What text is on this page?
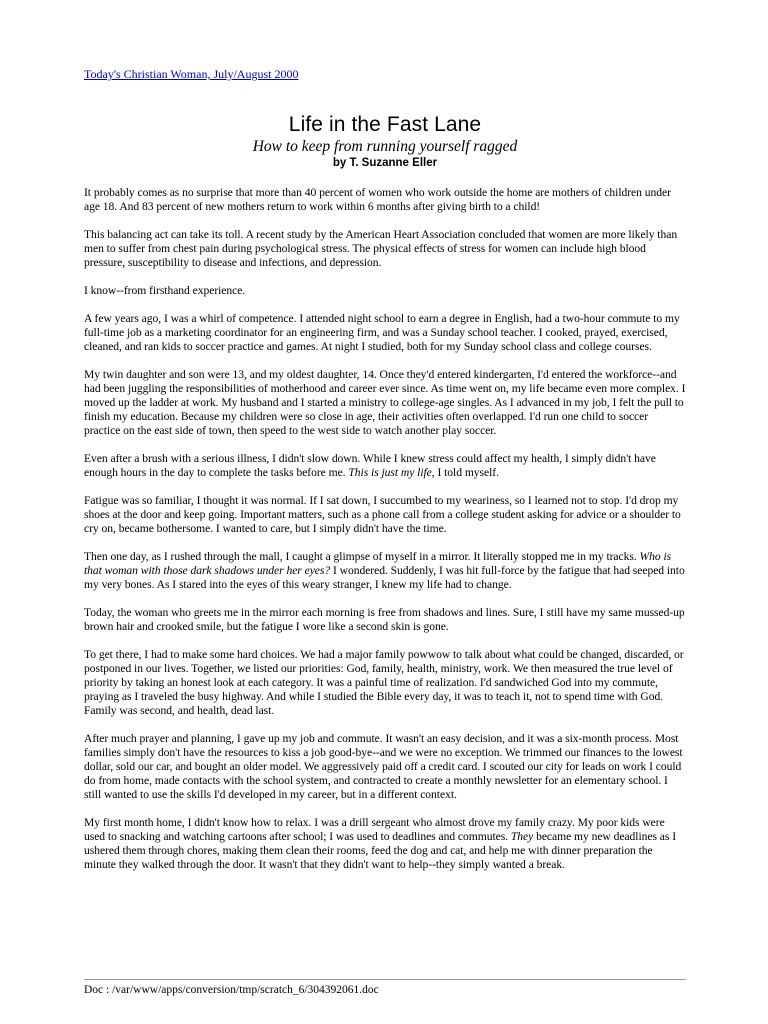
Today's Christian Woman, July/August 2000
Life in the Fast Lane
How to keep from running yourself ragged
by T. Suzanne Eller

It probably comes as no surprise that more than 40 percent of women who work outside the home are mothers of children under age 18. And 83 percent of new mothers return to work within 6 months after giving birth to a child!

This balancing act can take its toll. A recent study by the American Heart Association concluded that women are more likely than men to suffer from chest pain during psychological stress. The physical effects of stress for women can include high blood pressure, susceptibility to disease and infections, and depression.

I know--from firsthand experience.

A few years ago, I was a whirl of competence. I attended night school to earn a degree in English, had a two-hour commute to my full-time job as a marketing coordinator for an engineering firm, and was a Sunday school teacher. I cooked, prayed, exercised, cleaned, and ran kids to soccer practice and games. At night I studied, both for my Sunday school class and college courses.

My twin daughter and son were 13, and my oldest daughter, 14. Once they'd entered kindergarten, I'd entered the workforce--and had been juggling the responsibilities of motherhood and career ever since. As time went on, my life became even more complex. I moved up the ladder at work. My husband and I started a ministry to college-age singles. As I advanced in my job, I felt the pull to finish my education. Because my children were so close in age, their activities often overlapped. I'd run one child to soccer practice on the east side of town, then speed to the west side to watch another play soccer.

Even after a brush with a serious illness, I didn't slow down. While I knew stress could affect my health, I simply didn't have enough hours in the day to complete the tasks before me. This is just my life, I told myself.

Fatigue was so familiar, I thought it was normal. If I sat down, I succumbed to my weariness, so I learned not to stop. I'd drop my shoes at the door and keep going. Important matters, such as a phone call from a college student asking for advice or a shoulder to cry on, became bothersome. I wanted to care, but I simply didn't have the time.

Then one day, as I rushed through the mall, I caught a glimpse of myself in a mirror. It literally stopped me in my tracks. Who is that woman with those dark shadows under her eyes? I wondered. Suddenly, I was hit full-force by the fatigue that had seeped into my very bones. As I stared into the eyes of this weary stranger, I knew my life had to change.

Today, the woman who greets me in the mirror each morning is free from shadows and lines. Sure, I still have my same mussed-up brown hair and crooked smile, but the fatigue I wore like a second skin is gone.

To get there, I had to make some hard choices. We had a major family powwow to talk about what could be changed, discarded, or postponed in our lives. Together, we listed our priorities: God, family, health, ministry, work. We then measured the true level of priority by taking an honest look at each category. It was a painful time of realization. I'd sandwiched God into my commute, praying as I traveled the busy highway. And while I studied the Bible every day, it was to teach it, not to spend time with God. Family was second, and health, dead last.

After much prayer and planning, I gave up my job and commute. It wasn't an easy decision, and it was a six-month process. Most families simply don't have the resources to kiss a job good-bye--and we were no exception. We trimmed our finances to the lowest dollar, sold our car, and bought an older model. We aggressively paid off a credit card. I scouted our city for leads on work I could do from home, made contacts with the school system, and contracted to create a monthly newsletter for an elementary school. I still wanted to use the skills I'd developed in my career, but in a different context.

My first month home, I didn't know how to relax. I was a drill sergeant who almost drove my family crazy. My poor kids were used to snacking and watching cartoons after school; I was used to deadlines and commutes. They became my new deadlines as I ushered them through chores, making them clean their rooms, feed the dog and cat, and help me with dinner preparation the minute they walked through the door. It wasn't that they didn't want to help--they simply wanted a break.

Doc : /var/www/apps/conversion/tmp/scratch_6/304392061.doc
